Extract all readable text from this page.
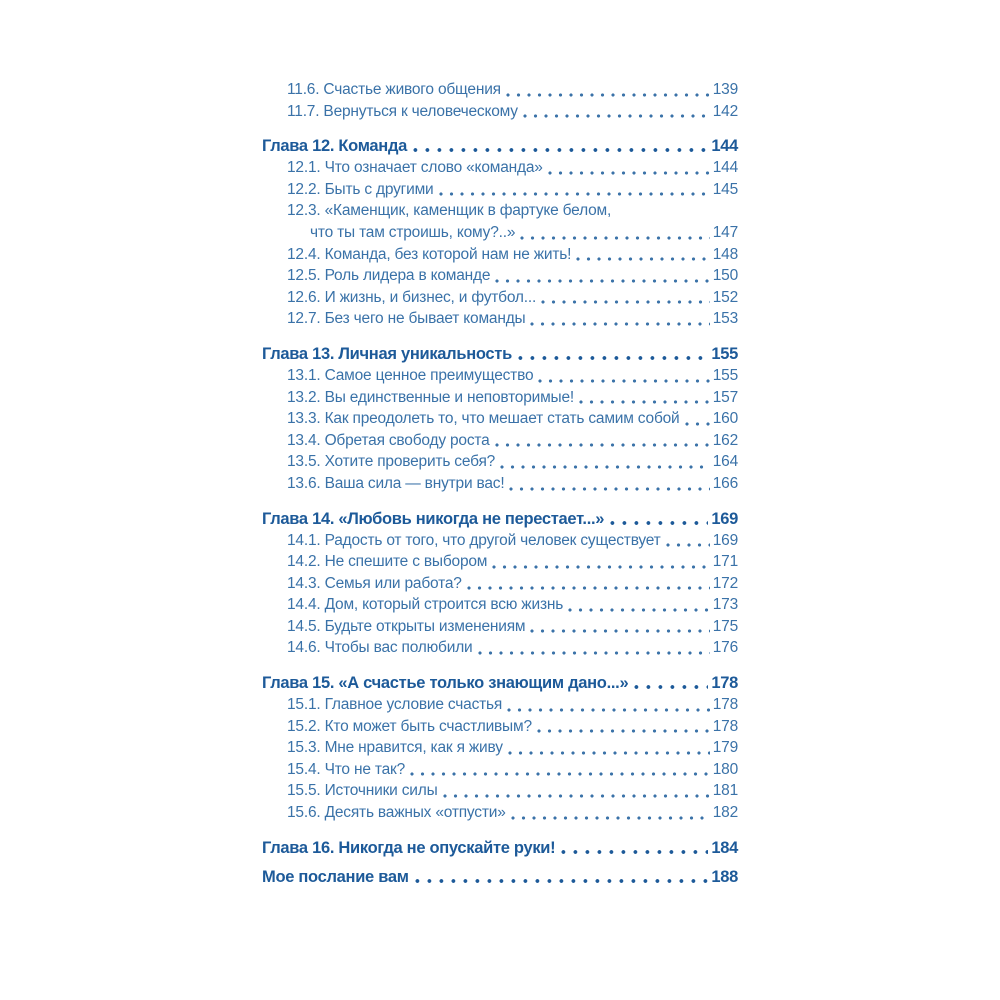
11.6. Счастье живого общения	139
11.7. Вернуться к человеческому	142
Глава 12. Команда	144
12.1. Что означает слово «команда»	144
12.2. Быть с другими	145
12.3. «Каменщик, каменщик в фартуке белом,
что ты там строишь, кому?..»	147
12.4. Команда, без которой нам не жить!	148
12.5. Роль лидера в команде	150
12.6. И жизнь, и бизнес, и футбол...	152
12.7. Без чего не бывает команды	153
Глава 13. Личная уникальность	155
13.1. Самое ценное преимущество	155
13.2. Вы единственные и неповторимые!	157
13.3. Как преодолеть то, что мешает стать самим собой 160
13.4. Обретая свободу роста	162
13.5. Хотите проверить себя?	164
13.6. Ваша сила — внутри вас!	166
Глава 14. «Любовь никогда не перестает...»	169
14.1. Радость от того, что другой человек существует	169
14.2. Не спешите с выбором	171
14.3. Семья или работа?	172
14.4. Дом, который строится всю жизнь	173
14.5. Будьте открыты изменениям	175
14.6. Чтобы вас полюбили	176
Глава 15. «А счастье только знающим дано...»	178
15.1. Главное условие счастья	178
15.2. Кто может быть счастливым?	178
15.3. Мне нравится, как я живу	179
15.4. Что не так?	180
15.5. Источники силы	181
15.6. Десять важных «отпусти»	182
Глава 16. Никогда не опускайте руки!	184
Мое послание вам	188
